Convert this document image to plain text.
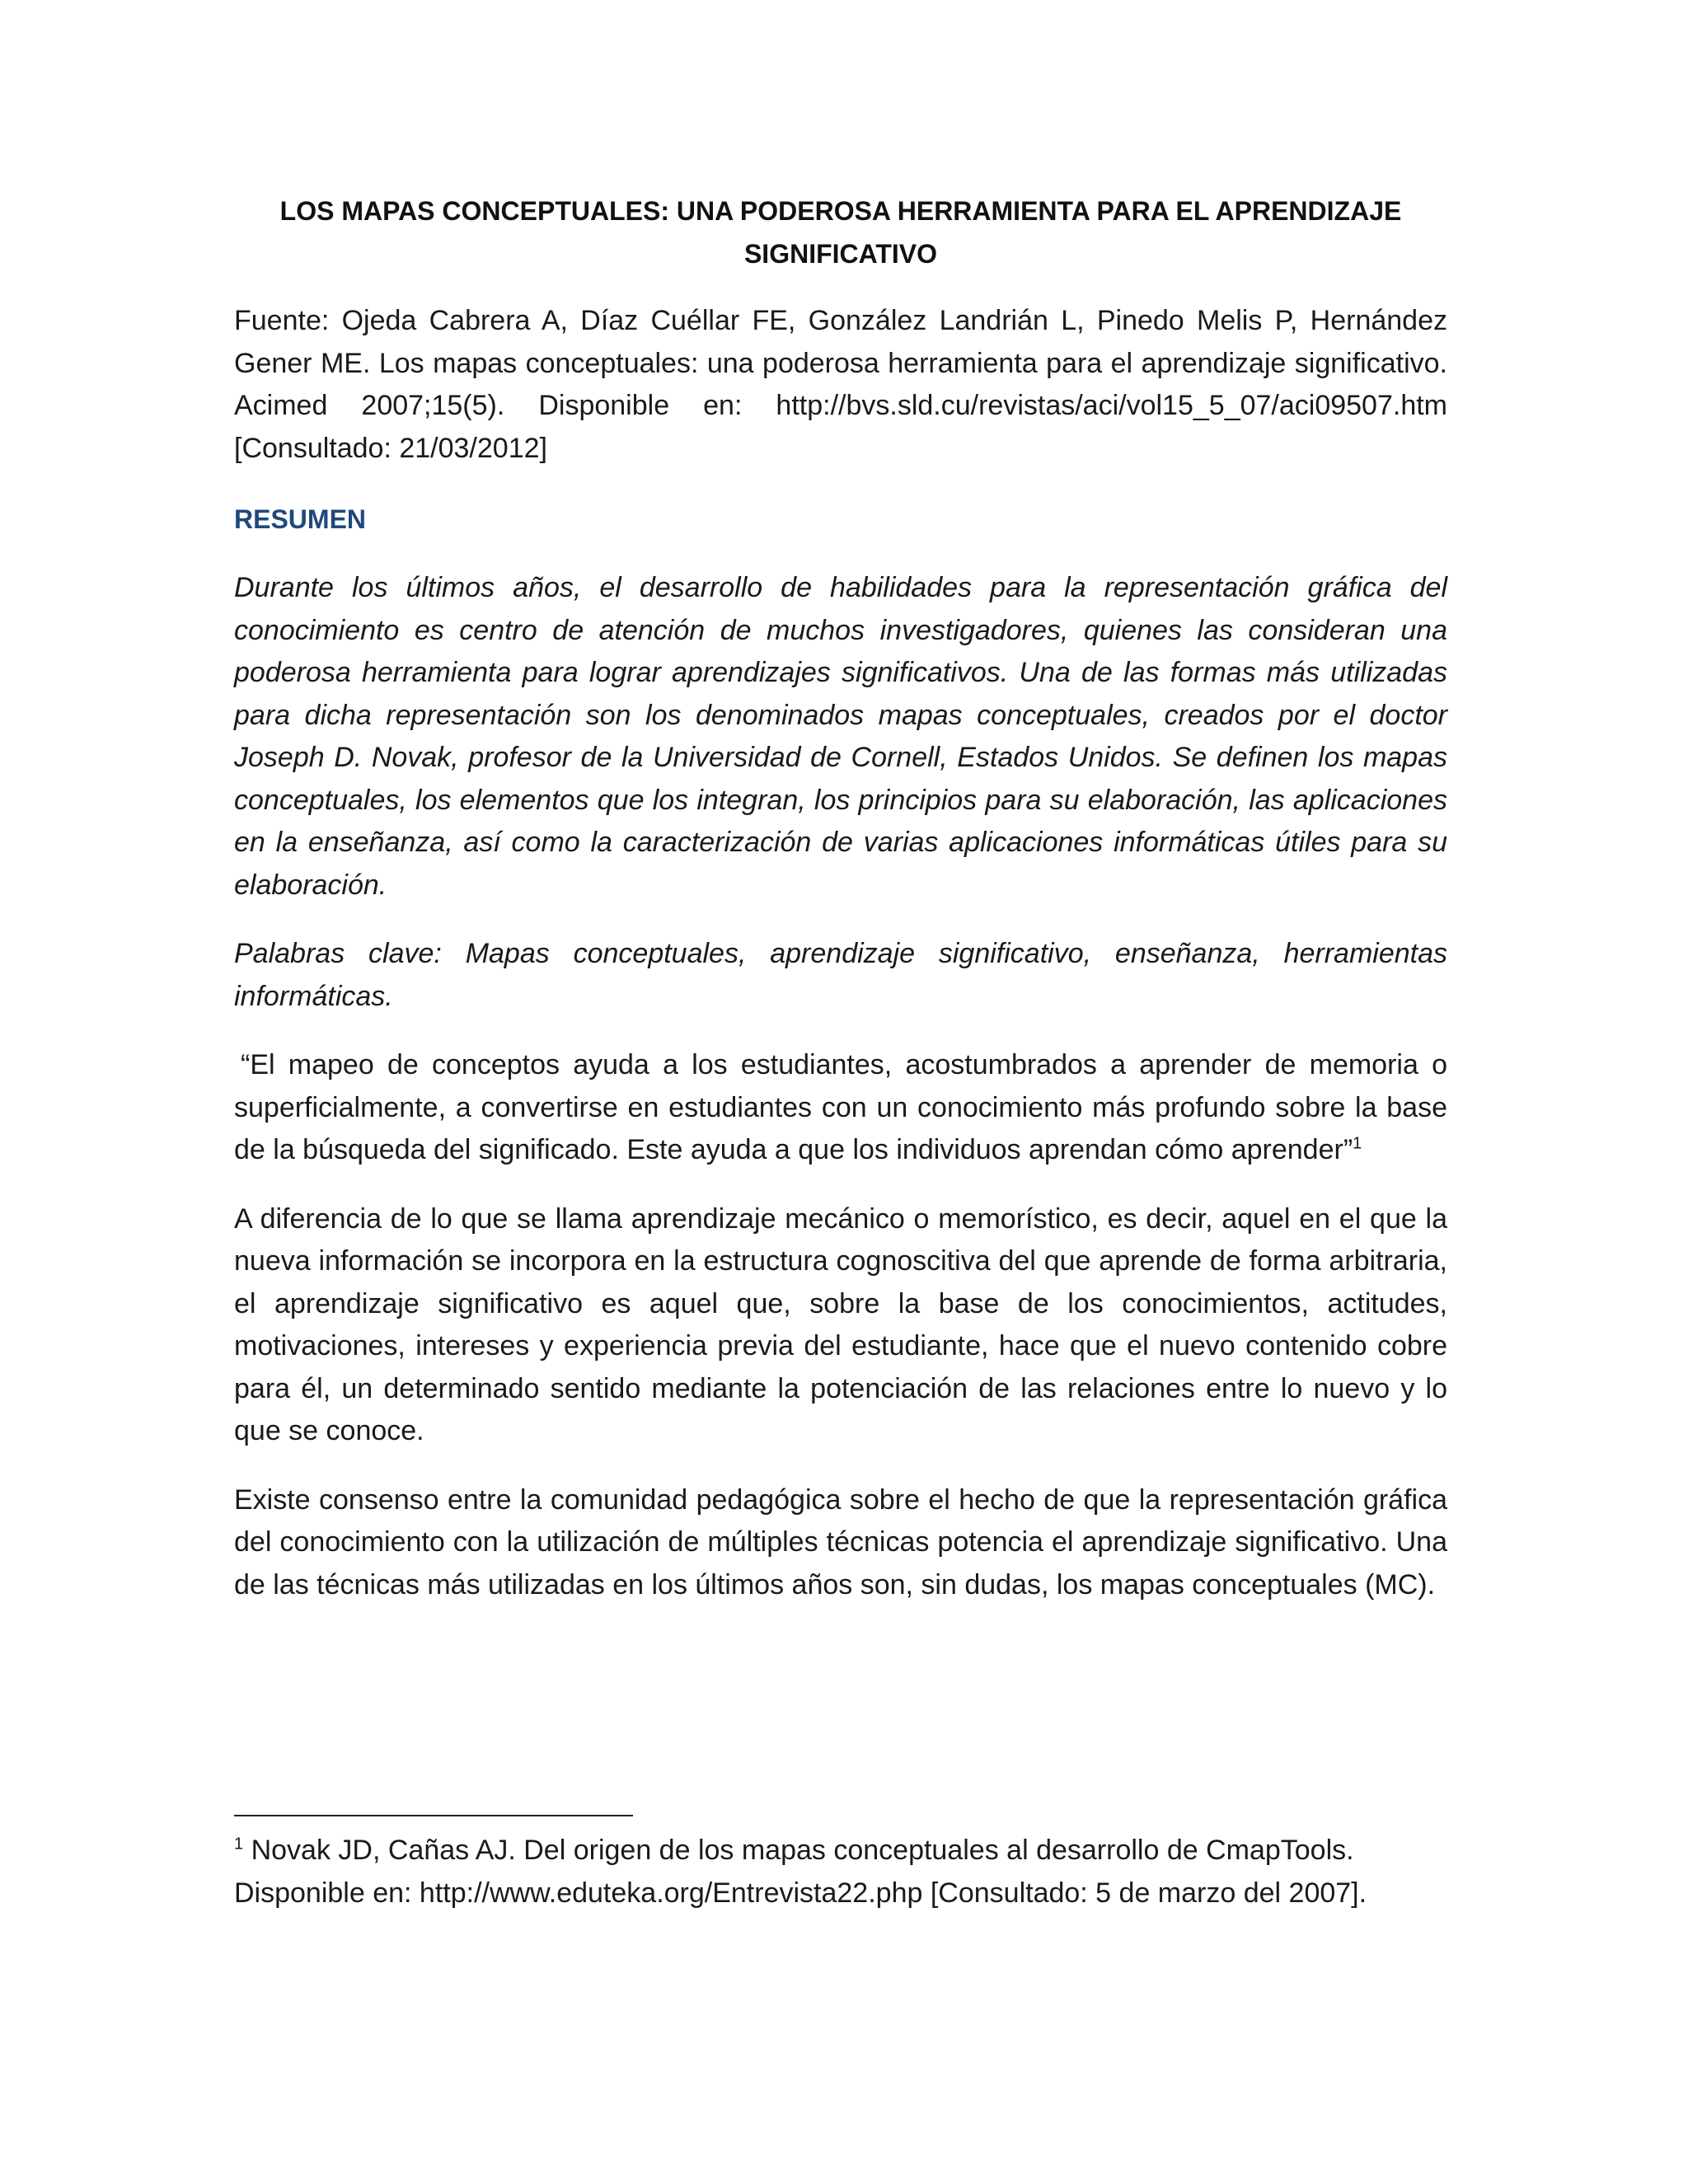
LOS MAPAS CONCEPTUALES: UNA PODEROSA HERRAMIENTA PARA EL APRENDIZAJE
SIGNIFICATIVO

Fuente: Ojeda Cabrera A, Díaz Cuéllar FE, González Landrián L, Pinedo Melis P, Hernández Gener ME. Los mapas conceptuales: una poderosa herramienta para el aprendizaje significativo. Acimed 2007;15(5). Disponible en: http://bvs.sld.cu/revistas/aci/vol15_5_07/aci09507.htm [Consultado: 21/03/2012]

RESUMEN

Durante los últimos años, el desarrollo de habilidades para la representación gráfica del conocimiento es centro de atención de muchos investigadores, quienes las consideran una poderosa herramienta para lograr aprendizajes significativos. Una de las formas más utilizadas para dicha representación son los denominados mapas conceptuales, creados por el doctor Joseph D. Novak, profesor de la Universidad de Cornell, Estados Unidos. Se definen los mapas conceptuales, los elementos que los integran, los principios para su elaboración, las aplicaciones en la enseñanza, así como la caracterización de varias aplicaciones informáticas útiles para su elaboración.

Palabras clave: Mapas conceptuales, aprendizaje significativo, enseñanza, herramientas informáticas.

“El mapeo de conceptos ayuda a los estudiantes, acostumbrados a aprender de memoria o superficialmente, a convertirse en estudiantes con un conocimiento más profundo sobre la base de la búsqueda del significado. Este ayuda a que los individuos aprendan cómo aprender”$^1$

A diferencia de lo que se llama aprendizaje mecánico o memorístico, es decir, aquel en el que la nueva información se incorpora en la estructura cognoscitiva del que aprende de forma arbitraria, el aprendizaje significativo es aquel que, sobre la base de los conocimientos, actitudes, motivaciones, intereses y experiencia previa del estudiante, hace que el nuevo contenido cobre para él, un determinado sentido mediante la potenciación de las relaciones entre lo nuevo y lo que se conoce.

Existe consenso entre la comunidad pedagógica sobre el hecho de que la representación gráfica del conocimiento con la utilización de múltiples técnicas potencia el aprendizaje significativo. Una de las técnicas más utilizadas en los últimos años son, sin dudas, los mapas conceptuales (MC).

$^1$ Novak JD, Cañas AJ. Del origen de los mapas conceptuales al desarrollo de CmapTools. Disponible en: http://www.eduteka.org/Entrevista22.php [Consultado: 5 de marzo del 2007].
